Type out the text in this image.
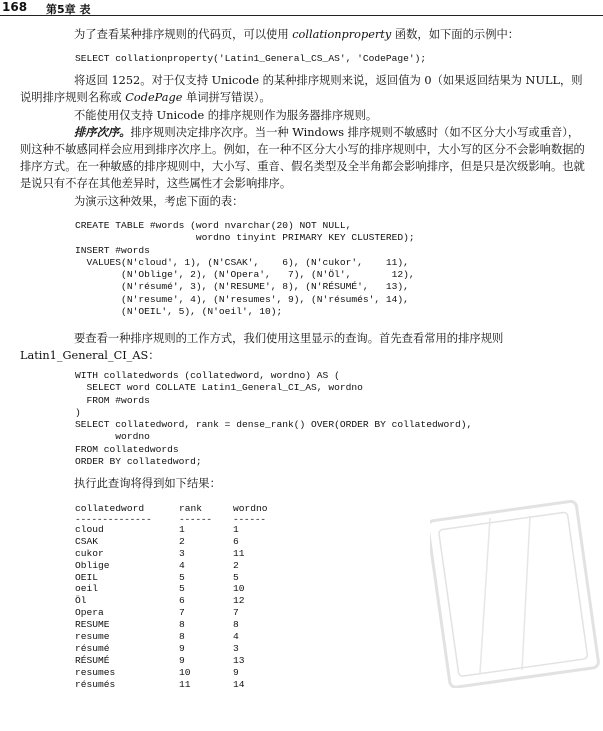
168 第5章 表

为了查看某种排序规则的代码页，可以使用 collationproperty 函数，如下面的示例中：

SELECT collationproperty('Latin1_General_CS_AS', 'CodePage');

将返回 1252。对于仅支持 Unicode 的某种排序规则来说，返回值为 0（如果返回结果为 NULL，则说明排序规则名称或 CodePage 单词拼写错误）。

不能使用仅支持 Unicode 的排序规则作为服务器排序规则。

排序次序。排序规则决定排序次序。当一种 Windows 排序规则不敏感时（如不区分大小写或重音），则这种不敏感同样会应用到排序次序上。例如，在一种不区分大小写的排序规则中，大小写的区分不会影响数据的排序方式。在一种敏感的排序规则中，大小写、重音、假名类型及全半角都会影响排序，但是只是次级影响。也就是说只有不存在其他差异时，这些属性才会影响排序。

为演示这种效果，考虑下面的表：

CREATE TABLE #words (word nvarchar(20) NOT NULL,
wordno tinyint PRIMARY KEY CLUSTERED);
INSERT #words
VALUES(N'cloud', 1), (N'CSAK',    6), (N'cukor',    11),
(N'Oblige', 2), (N'Opera',   7), (N'Öl',       12),
(N'résumé', 3), (N'RESUME', 8), (N'RÉSUMÉ',   13),
(N'resume', 4), (N'resumes', 9), (N'résumés', 14),
(N'OEIL', 5), (N'oeil', 10);

要查看一种排序规则的工作方式，我们使用这里显示的查询。首先查看常用的排序规则 Latin1_General_CI_AS：

WITH collatedwords (collatedword, wordno) AS (
SELECT word COLLATE Latin1_General_CI_AS, wordno
FROM #words
)
SELECT collatedword, rank = dense_rank() OVER(ORDER BY collatedword),
wordno
FROM collatedwords
ORDER BY collatedword;

执行此查询将得到如下结果：

collatedword	rank	wordno
--------------	------	------
cloud	1	1
CSAK	2	6
cukor	3	11
Oblige	4	2
OEIL	5	5
oeil	5	10
Öl	6	12
Opera	7	7
RESUME	8	8
resume	8	4
résumé	9	3
RÉSUMÉ	9	13
resumes	10	9
résumés	11	14
